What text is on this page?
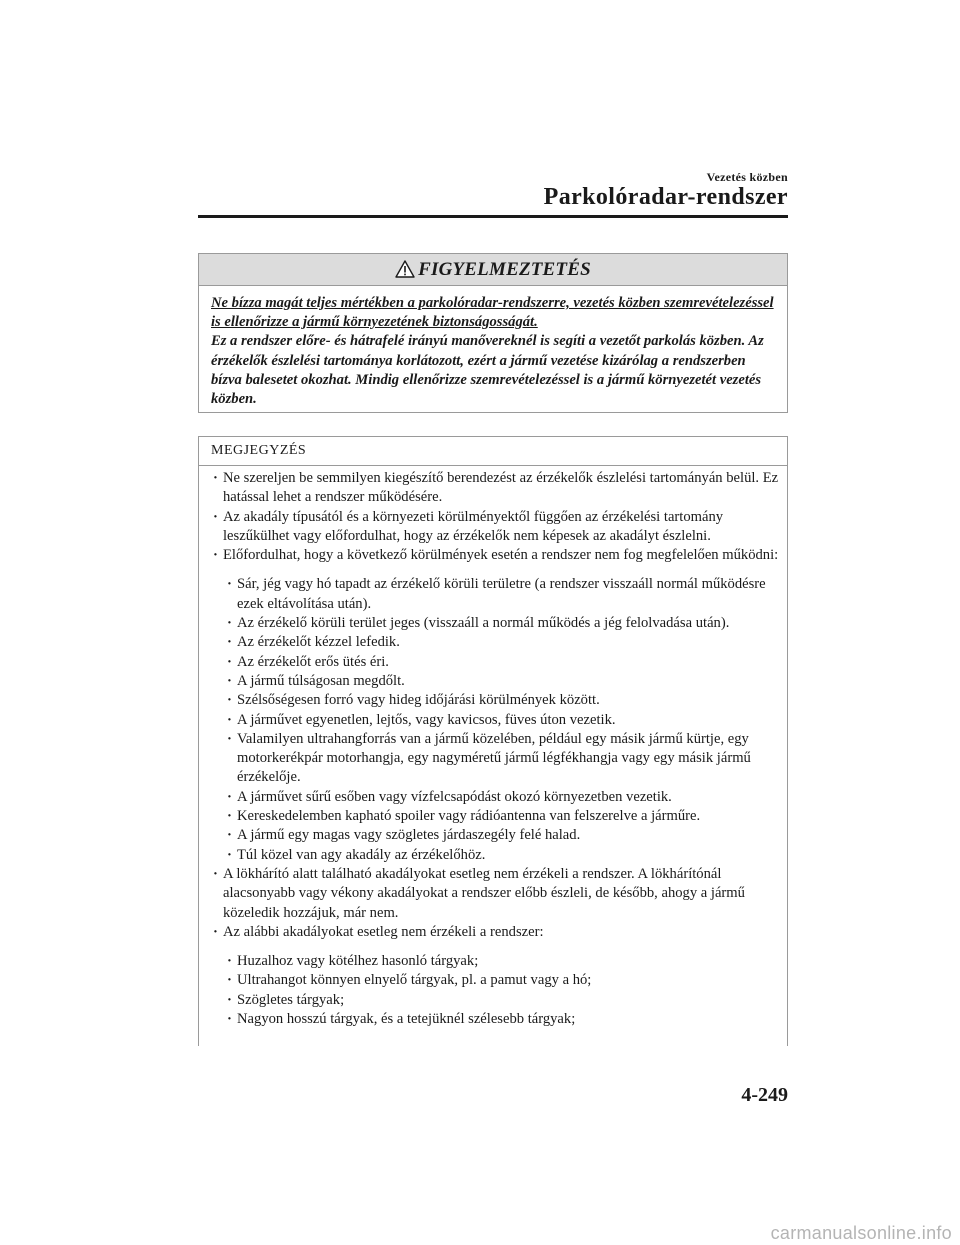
Vezetés közben
Parkolóradar-rendszer
FIGYELMEZTETÉS

Ne bízza magát teljes mértékben a parkolóradar-rendszerre, vezetés közben szemrevételezéssel is ellenőrizze a jármű környezetének biztonságosságát.

Ez a rendszer előre- és hátrafelé irányú manővereknél is segíti a vezetőt parkolás közben. Az érzékelők észlelési tartománya korlátozott, ezért a jármű vezetése kizárólag a rendszerben bízva balesetet okozhat. Mindig ellenőrizze szemrevételezéssel is a jármű környezetét vezetés közben.

MEGJEGYZÉS
· Ne szereljen be semmilyen kiegészítő berendezést az érzékelők észlelési tartományán belül. Ez hatással lehet a rendszer működésére.
· Az akadály típusától és a környezeti körülményektől függően az érzékelési tartomány leszűkülhet vagy előfordulhat, hogy az érzékelők nem képesek az akadályt észlelni.
· Előfordulhat, hogy a következő körülmények esetén a rendszer nem fog megfelelően működni:
· Sár, jég vagy hó tapadt az érzékelő körüli területre (a rendszer visszaáll normál működésre ezek eltávolítása után).
· Az érzékelő körüli terület jeges (visszaáll a normál működés a jég felolvadása után).
· Az érzékelőt kézzel lefedik.
· Az érzékelőt erős ütés éri.
· A jármű túlságosan megdőlt.
· Szélsőségesen forró vagy hideg időjárási körülmények között.
· A járművet egyenetlen, lejtős, vagy kavicsos, füves úton vezetik.
· Valamilyen ultrahangforrás van a jármű közelében, például egy másik jármű kürtje, egy motorkerékpár motorhangja, egy nagyméretű jármű légfékhangja vagy egy másik jármű érzékelője.
· A járművet sűrű esőben vagy vízfelcsapódást okozó környezetben vezetik.
· Kereskedelemben kapható spoiler vagy rádióantenna van felszerelve a járműre.
· A jármű egy magas vagy szögletes járdaszegély felé halad.
· Túl közel van agy akadály az érzékelőhöz.
· A lökhárító alatt található akadályokat esetleg nem érzékeli a rendszer. A lökhárítónál alacsonyabb vagy vékony akadályokat a rendszer előbb észleli, de később, ahogy a jármű közeledik hozzájuk, már nem.
· Az alábbi akadályokat esetleg nem érzékeli a rendszer:
· Huzalhoz vagy kötélhez hasonló tárgyak;
· Ultrahangot könnyen elnyelő tárgyak, pl. a pamut vagy a hó;
· Szögletes tárgyak;
· Nagyon hosszú tárgyak, és a tetejüknél szélesebb tárgyak;
4-249
carmanualsonline.info
